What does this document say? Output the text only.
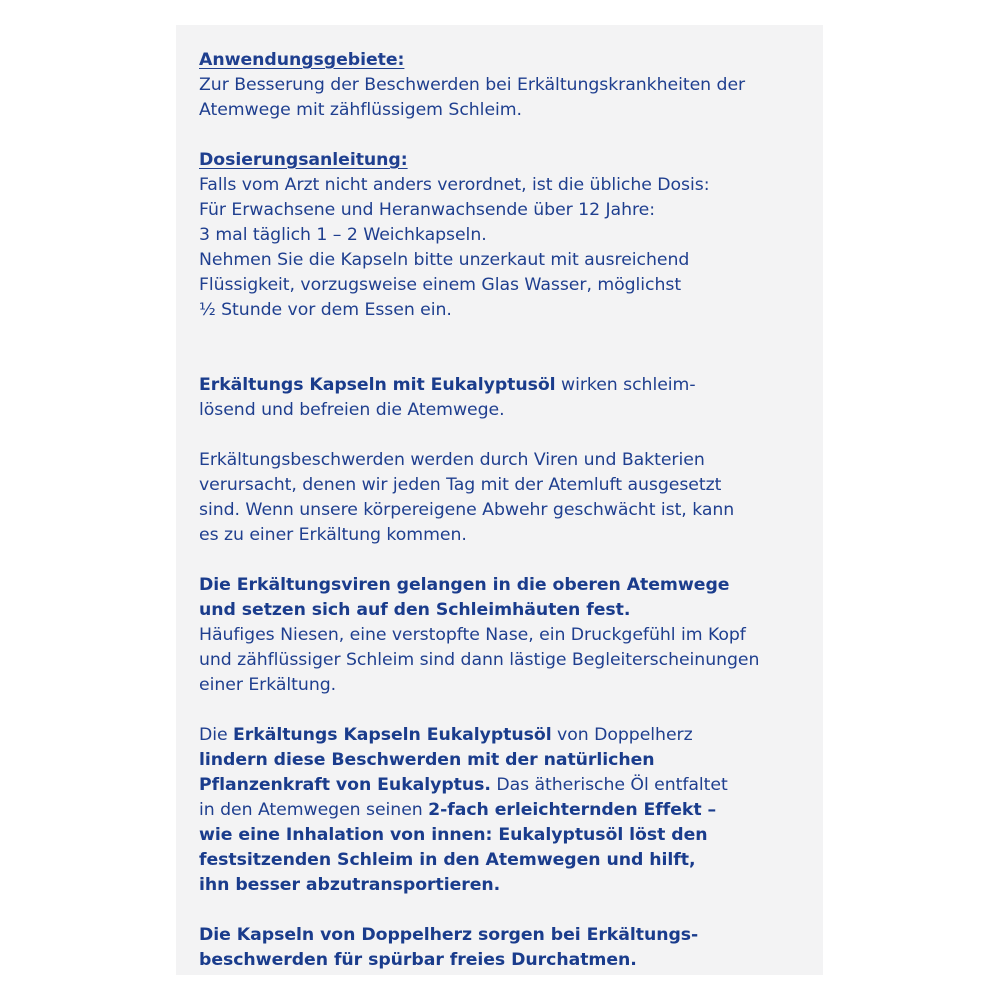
Anwendungsgebiete:

Zur Besserung der Beschwerden bei Erkältungskrankheiten der

Atemwege mit zähflüssigem Schleim.

Dosierungsanleitung:

Falls vom Arzt nicht anders verordnet, ist die übliche Dosis:

Für Erwachsene und Heranwachsende über 12 Jahre:

3 mal täglich 1 – 2 Weichkapseln.

Nehmen Sie die Kapseln bitte unzerkaut mit ausreichend

Flüssigkeit, vorzugsweise einem Glas Wasser, möglichst

½ Stunde vor dem Essen ein.

Erkältungs Kapseln mit Eukalyptusöl wirken schleim-

lösend und befreien die Atemwege.

Erkältungsbeschwerden werden durch Viren und Bakterien

verursacht, denen wir jeden Tag mit der Atemluft ausgesetzt

sind. Wenn unsere körpereigene Abwehr geschwächt ist, kann

es zu einer Erkältung kommen.

Die Erkältungsviren gelangen in die oberen Atemwege

und setzen sich auf den Schleimhäuten fest.

Häufiges Niesen, eine verstopfte Nase, ein Druckgefühl im Kopf

und zähflüssiger Schleim sind dann lästige Begleiterscheinungen

einer Erkältung.

Die Erkältungs Kapseln Eukalyptusöl von Doppelherz

lindern diese Beschwerden mit der natürlichen

Pflanzenkraft von Eukalyptus. Das ätherische Öl entfaltet

in den Atemwegen seinen 2-fach erleichternden Effekt –

wie eine Inhalation von innen: Eukalyptusöl löst den

festsitzenden Schleim in den Atemwegen und hilft,

ihn besser abzutransportieren.

Die Kapseln von Doppelherz sorgen bei Erkältungs-

beschwerden für spürbar freies Durchatmen.
